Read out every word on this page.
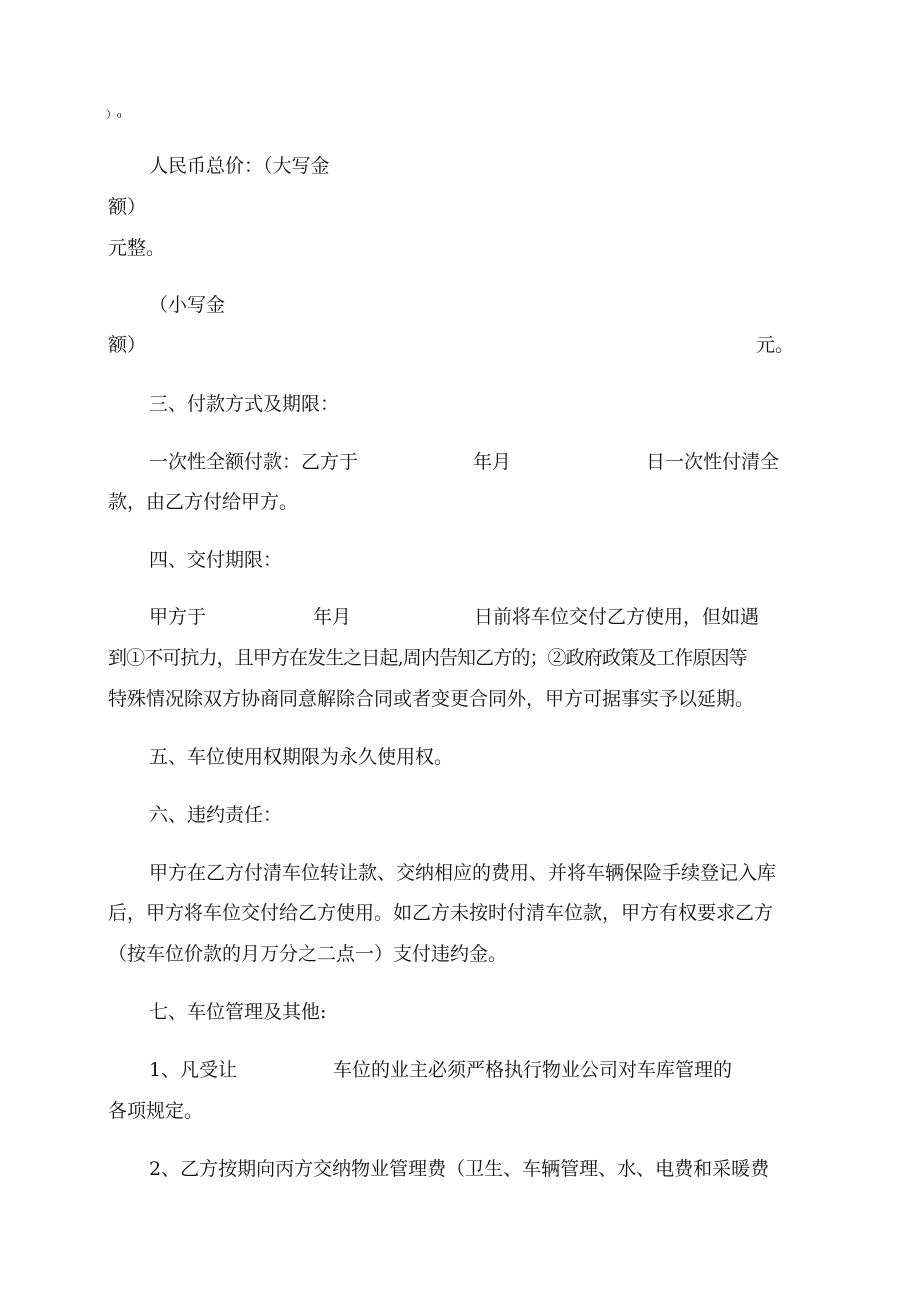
）₀
人民币总价：（大写金
额）
元整。
（小写金
额）	元。
三、付款方式及期限：
一次性全额付款：乙方于	年月	日一次性付清全
款，由乙方付给甲方。
四、交付期限：
甲方于	年月	日前将车位交付乙方使用，但如遇
到①不可抗力，且甲方在发生之日起,周内告知乙方的；②政府政策及工作原因等
特殊情况除双方协商同意解除合同或者变更合同外，甲方可据事实予以延期。
五、车位使用权期限为永久使用权。
六、违约责任：
甲方在乙方付清车位转让款、交纳相应的费用、并将车辆保险手续登记入库
后，甲方将车位交付给乙方使用。如乙方未按时付清车位款，甲方有权要求乙方
（按车位价款的月万分之二点一）支付违约金。
七、车位管理及其他:
1、凡受让	车位的业主必须严格执行物业公司对车库管理的
各项规定。
2、乙方按期向丙方交纳物业管理费（卫生、车辆管理、水、电费和采暖费
